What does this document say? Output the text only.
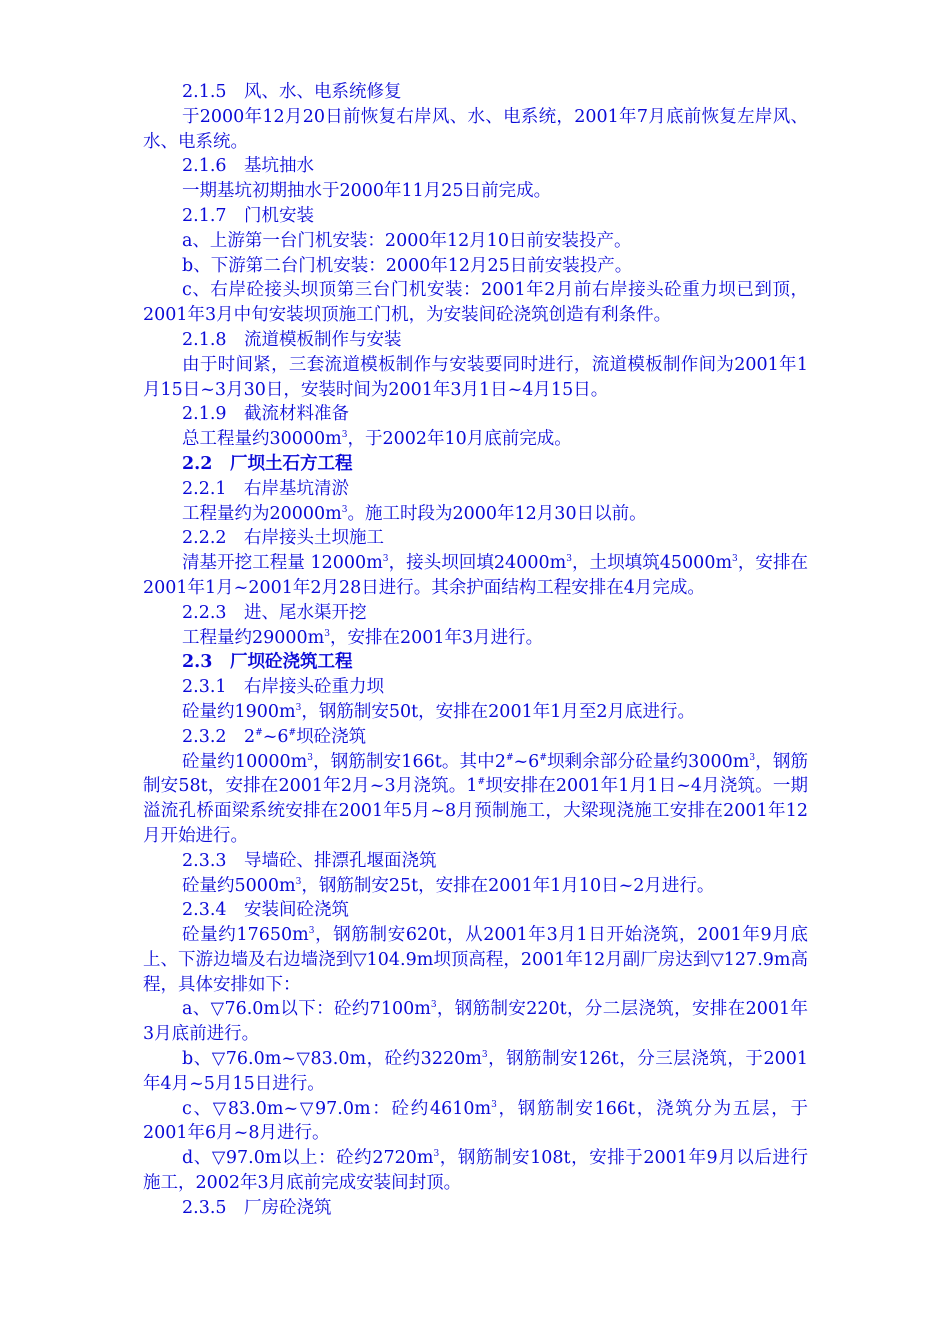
2.1.5　风、水、电系统修复

于2000年12月20日前恢复右岸风、水、电系统，2001年7月底前恢复左岸风、水、电系统。

2.1.6　基坑抽水

一期基坑初期抽水于2000年11月25日前完成。

2.1.7　门机安装

a、上游第一台门机安装：2000年12月10日前安装投产。

b、下游第二台门机安装：2000年12月25日前安装投产。

c、右岸砼接头坝顶第三台门机安装：2001年2月前右岸接头砼重力坝已到顶，2001年3月中旬安装坝顶施工门机，为安装间砼浇筑创造有利条件。

2.1.8　流道模板制作与安装

由于时间紧，三套流道模板制作与安装要同时进行，流道模板制作间为2001年1月15日~3月30日，安装时间为2001年3月1日~4月15日。

2.1.9　截流材料准备

总工程量约$30000m^3$，于2002年10月底前完成。

2.2　厂坝土石方工程

2.2.1　右岸基坑清淤

工程量约为$20000m^3$。施工时段为2000年12月30日以前。

2.2.2　右岸接头土坝施工

清基开挖工程量 $12000m^3$，接头坝回填$24000m^3$，土坝填筑$45000m^3$，安排在2001年1月~2001年2月28日进行。其余护面结构工程安排在4月完成。

2.2.3　进、尾水渠开挖

工程量约$29000m^3$，安排在2001年3月进行。

2.3　厂坝砼浇筑工程

2.3.1　右岸接头砼重力坝

砼量约$1900m^3$，钢筋制安50t，安排在2001年1月至2月底进行。

2.3.2　2#~6#坝砼浇筑

砼量约$10000m^3$，钢筋制安166t。其中2#~6#坝剩余部分砼量约$3000m^3$，钢筋制安58t，安排在2001年2月~3月浇筑。1#坝安排在2001年1月1日~4月浇筑。一期溢流孔桥面梁系统安排在2001年5月~8月预制施工，大梁现浇施工安排在2001年12月开始进行。

2.3.3　导墙砼、排漂孔堰面浇筑

砼量约$5000m^3$，钢筋制安25t，安排在2001年1月10日~2月进行。

2.3.4　安装间砼浇筑

砼量约$17650m^3$，钢筋制安620t，从2001年3月1日开始浇筑，2001年9月底上、下游边墙及右边墙浇到▽104.9m坝顶高程，2001年12月副厂房达到▽127.9m高程，具体安排如下：

a、▽76.0m以下：砼约$7100m^3$，钢筋制安220t，分二层浇筑，安排在2001年3月底前进行。

b、▽76.0m~▽83.0m，砼约$3220m^3$，钢筋制安126t，分三层浇筑，于2001年4月~5月15日进行。

c、▽83.0m~▽97.0m：砼约$4610m^3$，钢筋制安166t，浇筑分为五层，于2001年6月~8月进行。

d、▽97.0m以上：砼约$2720m^3$，钢筋制安108t，安排于2001年9月以后进行施工，2002年3月底前完成安装间封顶。

2.3.5　厂房砼浇筑
